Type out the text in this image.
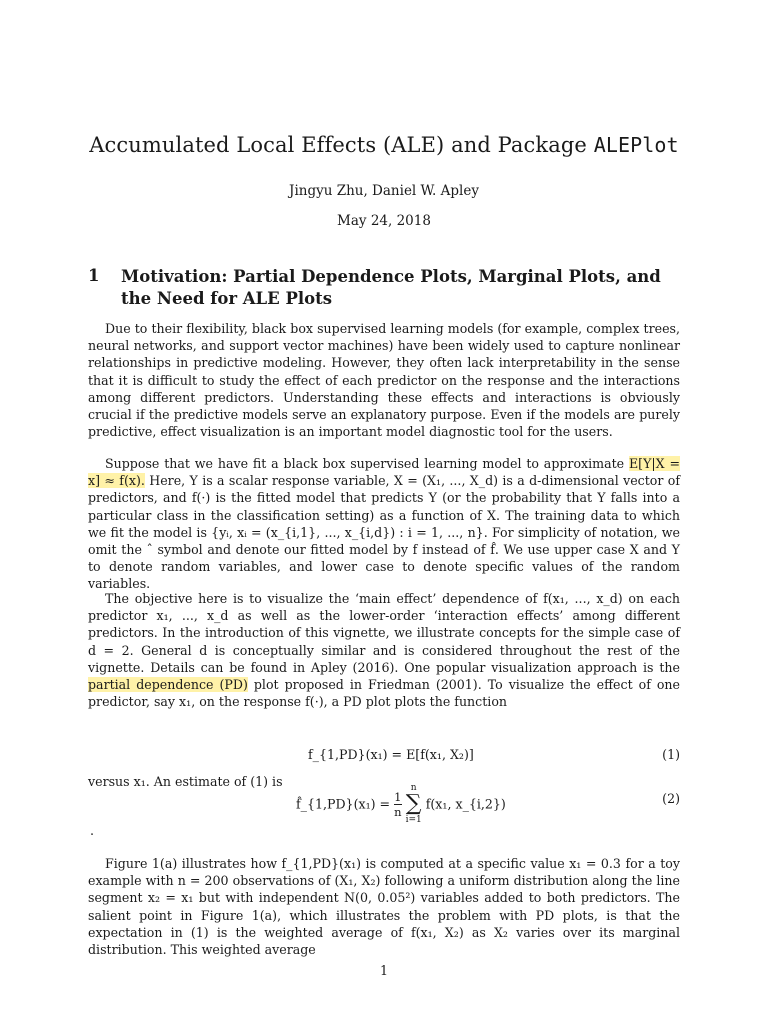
Accumulated Local Effects (ALE) and Package ALEPlot
Jingyu Zhu, Daniel W. Apley
May 24, 2018
1 Motivation: Partial Dependence Plots, Marginal Plots, and the Need for ALE Plots

Due to their flexibility, black box supervised learning models (for example, complex trees, neural networks, and support vector machines) have been widely used to capture nonlinear relationships in predictive modeling. However, they often lack interpretability in the sense that it is difficult to study the effect of each predictor on the response and the interactions among different predictors. Understanding these effects and interactions is obviously crucial if the predictive models serve an explanatory purpose. Even if the models are purely predictive, effect visualization is an important model diagnostic tool for the users.

Suppose that we have fit a black box supervised learning model to approximate E[Y|X = x] ≈ f(x). Here, Y is a scalar response variable, X = (X₁, ..., X_d) is a d-dimensional vector of predictors, and f(·) is the fitted model that predicts Y (or the probability that Y falls into a particular class in the classification setting) as a function of X. The training data to which we fit the model is {yᵢ, xᵢ = (x_{i,1}, ..., x_{i,d}) : i = 1, ..., n}. For simplicity of notation, we omit the ˆ symbol and denote our fitted model by f instead of f̂. We use upper case X and Y to denote random variables, and lower case to denote specific values of the random variables.

The objective here is to visualize the ‘main effect’ dependence of f(x₁, ..., x_d) on each predictor x₁, ..., x_d as well as the lower-order ‘interaction effects’ among different predictors. In the introduction of this vignette, we illustrate concepts for the simple case of d = 2. General d is conceptually similar and is considered throughout the rest of the vignette. Details can be found in Apley (2016). One popular visualization approach is the partial dependence (PD) plot proposed in Friedman (2001). To visualize the effect of one predictor, say x₁, on the response f(·), a PD plot plots the function

f_{1,PD}(x₁) = E[f(x₁, X₂)]	(1)
versus x₁. An estimate of (1) is
f̂_{1,PD}(x₁) = $\frac{1}{n}$

n
∑
i=1
f(x₁, x_{i,2})	(2)
.

Figure 1(a) illustrates how f_{1,PD}(x₁) is computed at a specific value x₁ = 0.3 for a toy example with n = 200 observations of (X₁, X₂) following a uniform distribution along the line segment x₂ = x₁ but with independent N(0, 0.05²) variables added to both predictors. The salient point in Figure 1(a), which illustrates the problem with PD plots, is that the expectation in (1) is the weighted average of f(x₁, X₂) as X₂ varies over its marginal distribution. This weighted average

1
